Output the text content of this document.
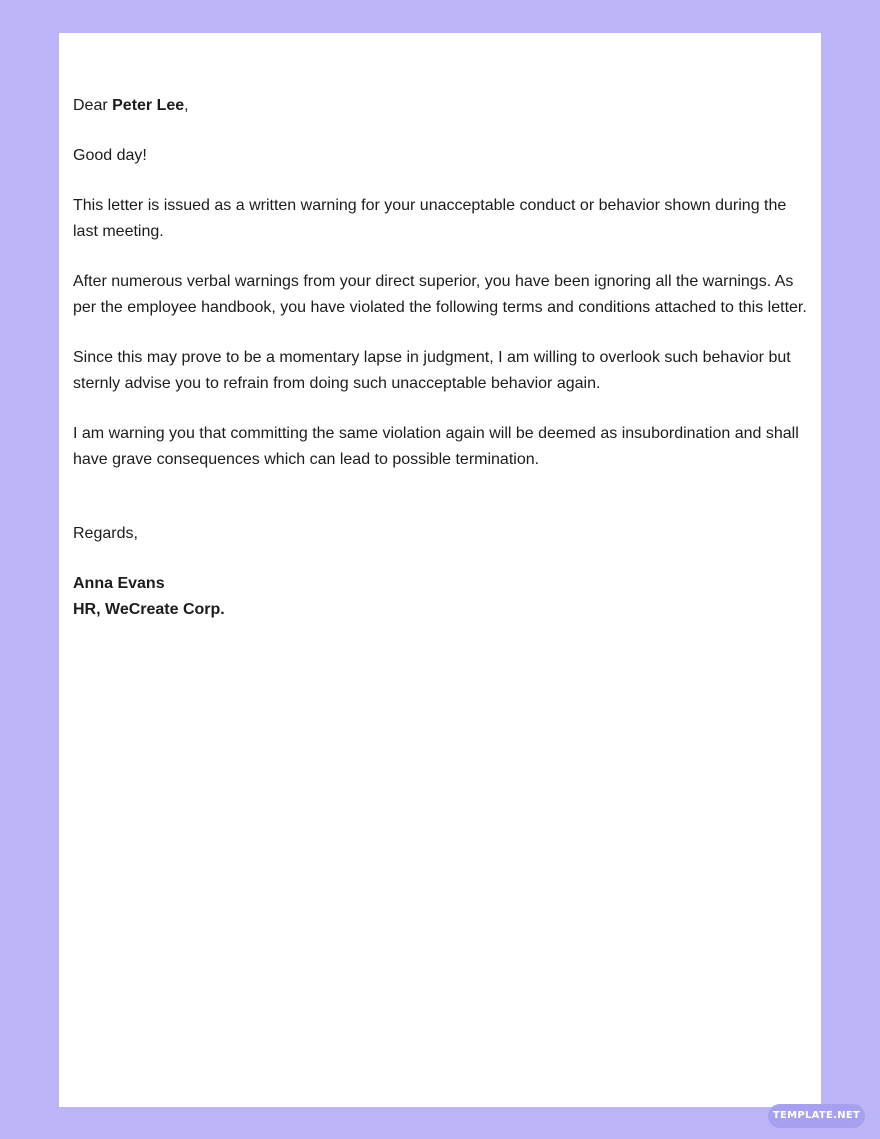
Dear Peter Lee,

Good day!

This letter is issued as a written warning for your unacceptable conduct or behavior shown during the last meeting.

After numerous verbal warnings from your direct superior, you have been ignoring all the warnings. As per the employee handbook, you have violated the following terms and conditions attached to this letter.

Since this may prove to be a momentary lapse in judgment, I am willing to overlook such behavior but sternly advise you to refrain from doing such unacceptable behavior again.

I am warning you that committing the same violation again will be deemed as insubordination and shall have grave consequences which can lead to possible termination.

Regards,

Anna Evans

HR, WeCreate Corp.

TEMPLATE.NET
